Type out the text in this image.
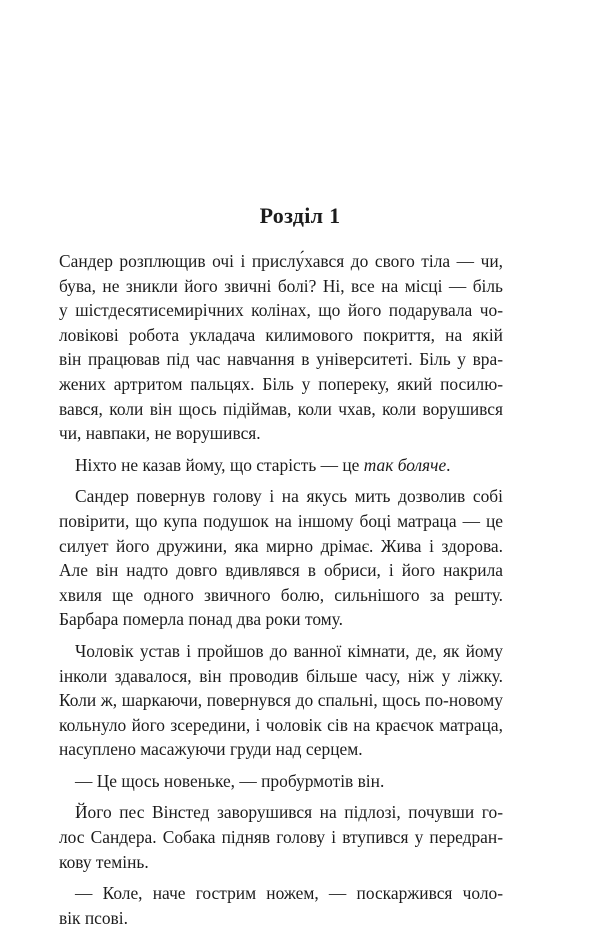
Розділ 1
Сандер розплющив очі і прислу́хався до свого тіла — чи,
бува, не зникли його звичні болі? Ні, все на місці — біль
у шістдесятисемирічних колінах, що його подарувала чо-
ловікові робота укладача килимового покриття, на якій
він працював під час навчання в університеті. Біль у вра-
жених артритом пальцях. Біль у попереку, який посилю-
вався, коли він щось підіймав, коли чхав, коли ворушився
чи, навпаки, не ворушився.
Ніхто не казав йому, що старість — це так боляче.
Сандер повернув голову і на якусь мить дозволив собі
повірити, що купа подушок на іншому боці матраца — це
силует його дружини, яка мирно дрімає. Жива і здорова.
Але він надто довго вдивлявся в обриси, і його накрила
хвиля ще одного звичного болю, сильнішого за решту.
Барбара померла понад два роки тому.
Чоловік устав і пройшов до ванної кімнати, де, як йому
інколи здавалося, він проводив більше часу, ніж у ліжку.
Коли ж, шаркаючи, повернувся до спальні, щось по-новому
кольнуло його зсередини, і чоловік сів на краєчок матраца,
насуплено масажуючи груди над серцем.
— Це щось новеньке, — пробурмотів він.
Його пес Вінстед заворушився на підлозі, почувши го-
лос Сандера. Собака підняв голову і втупився у передран-
кову темінь.
— Коле, наче гострим ножем, — поскаржився чоло-
вік псові.
